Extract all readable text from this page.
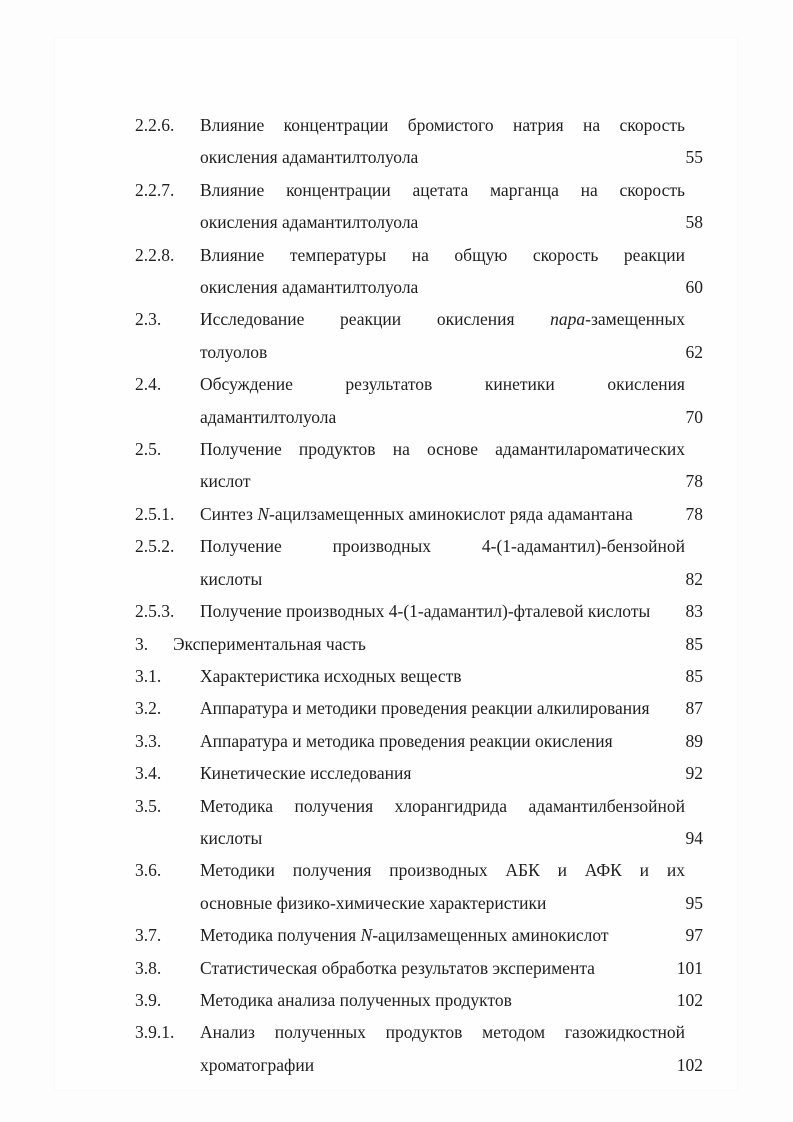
2.2.6. Влияние концентрации бромистого натрия на скорость
окисления адамантилтолуола	55
2.2.7. Влияние концентрации ацетата марганца на скорость
окисления адамантилтолуола	58
2.2.8. Влияние температуры на общую скорость реакции
окисления адамантилтолуола	60
2.3. Исследование реакции окисления пара-замещенных
толуолов	62
2.4. Обсуждение результатов кинетики окисления
адамантилтолуола	70
2.5. Получение продуктов на основе адамантилароматических
кислот	78
2.5.1. Синтез N-ацилзамещенных аминокислот ряда адамантана	78
2.5.2. Получение производных 4-(1-адамантил)-бензойной
кислоты	82
2.5.3. Получение производных 4-(1-адамантил)-фталевой кислоты 83
3. Экспериментальная часть	85
3.1. Характеристика исходных веществ	85
3.2. Аппаратура и методики проведения реакции алкилирования 87
3.3. Аппаратура и методика проведения реакции окисления	89
3.4. Кинетические исследования	92
3.5. Методика получения хлорангидрида адамантилбензойной
кислоты	94
3.6. Методики получения производных АБК и АФК и их
основные физико-химические характеристики	95
3.7. Методика получения N-ацилзамещенных аминокислот	97
3.8. Статистическая обработка результатов эксперимента	101
3.9. Методика анализа полученных продуктов	102
3.9.1. Анализ полученных продуктов методом газожидкостной
хроматографии	102
